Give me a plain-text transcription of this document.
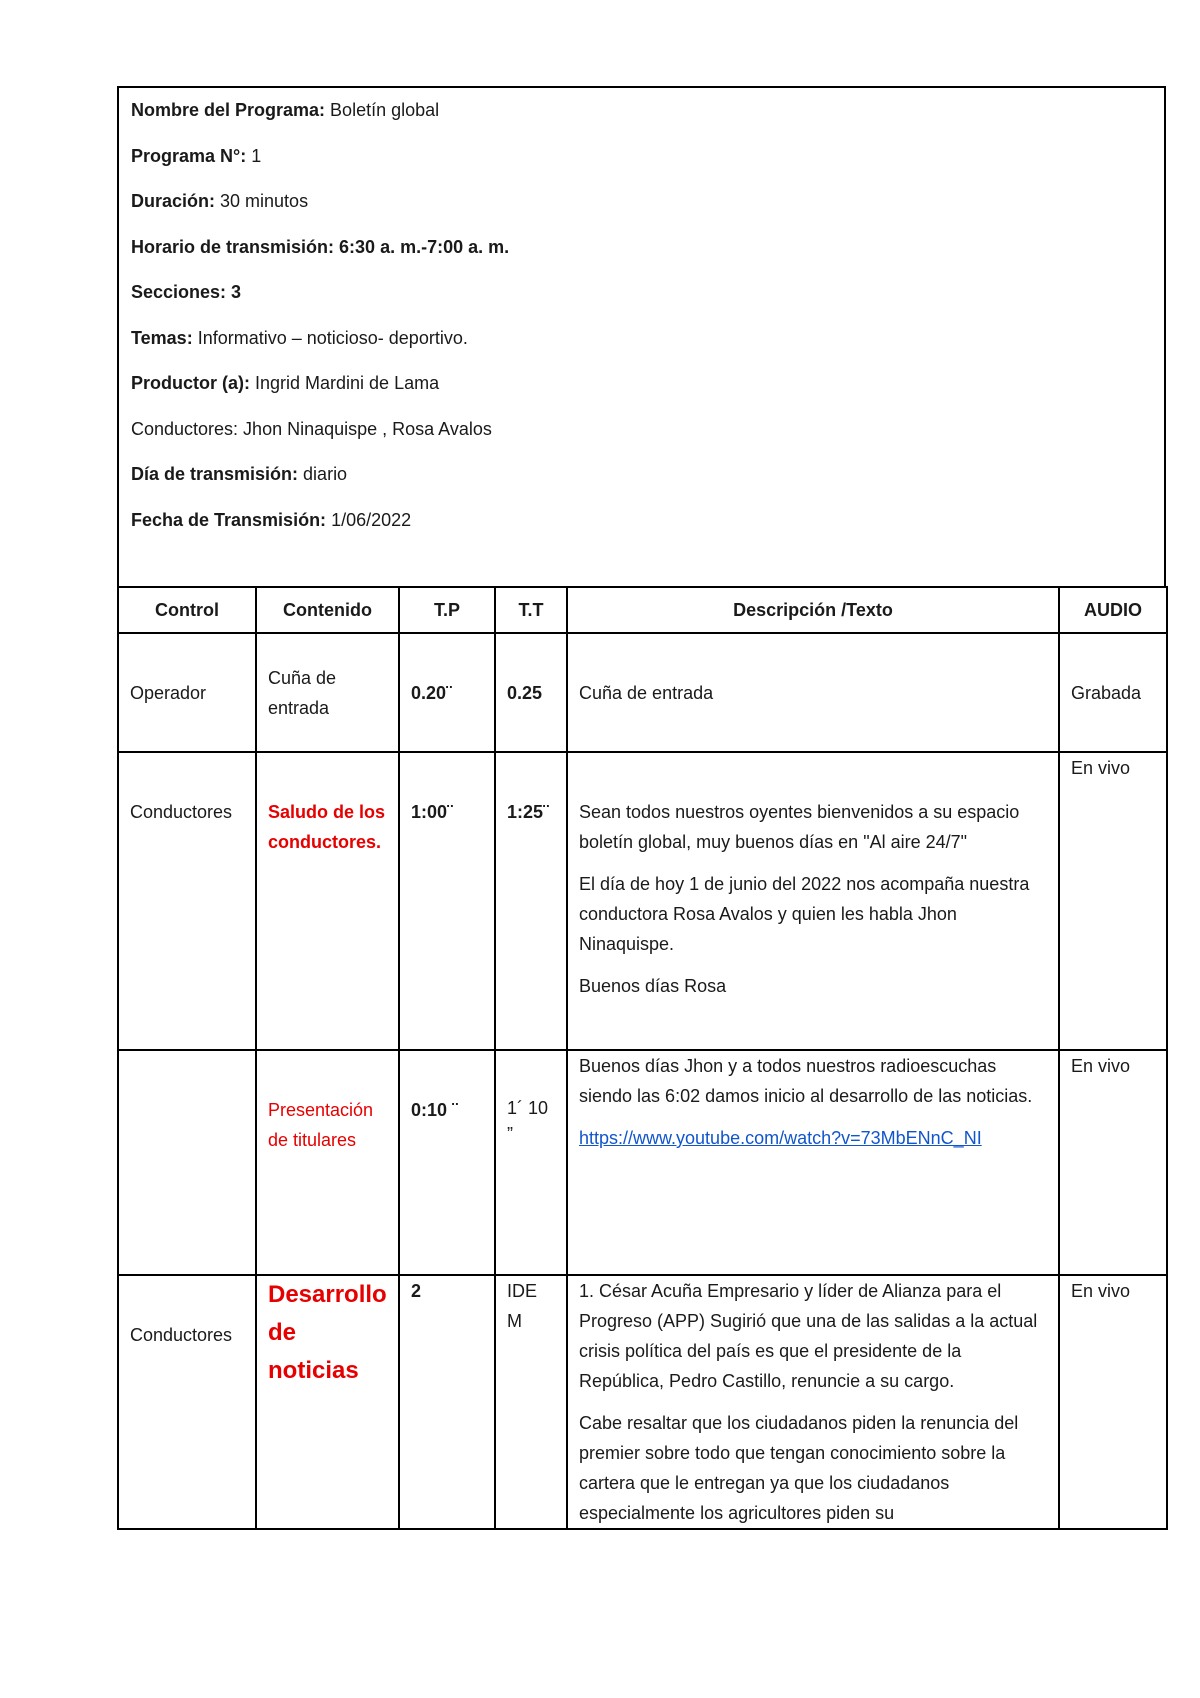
Nombre del Programa: Boletín global

Programa N°: 1

Duración: 30 minutos

Horario de transmisión: 6:30 a. m.-7:00 a. m.

Secciones: 3

Temas: Informativo – noticioso- deportivo.

Productor (a): Ingrid Mardini de Lama

Conductores: Jhon Ninaquispe , Rosa Avalos

Día de transmisión: diario

Fecha de Transmisión: 1/06/2022

Control	Contenido	T.P	T.T	Descripción /Texto	AUDIO
Operador	Cuña de entrada	0.20¨	0.25	Cuña de entrada	Grabada

Conductores	Saludo de los conductores.	1:00¨	1:25¨	Sean todos nuestros oyentes bienvenidos a su espacio boletín global, muy buenos días en "Al aire 24/7"

El día de hoy 1 de junio del 2022 nos acompaña nuestra conductora Rosa Avalos y quien les habla Jhon Ninaquispe.

Buenos días Rosa	En vivo

	Presentación de titulares	0:10 ¨	1´ 10 ”	Buenos días Jhon y a todos nuestros radioescuchas siendo las 6:02 damos inicio al desarrollo de las noticias.

https://www.youtube.com/watch?v=73MbENnC_NI	En vivo

Conductores	Desarrollo de noticias	2	IDE M	1. César Acuña Empresario y líder de Alianza para el Progreso (APP) Sugirió que una de las salidas a la actual crisis política del país es que el presidente de la República, Pedro Castillo, renuncie a su cargo.

Cabe resaltar que los ciudadanos piden la renuncia del premier sobre todo que tengan conocimiento sobre la cartera que le entregan ya que los ciudadanos especialmente los agricultores piden su	En vivo
